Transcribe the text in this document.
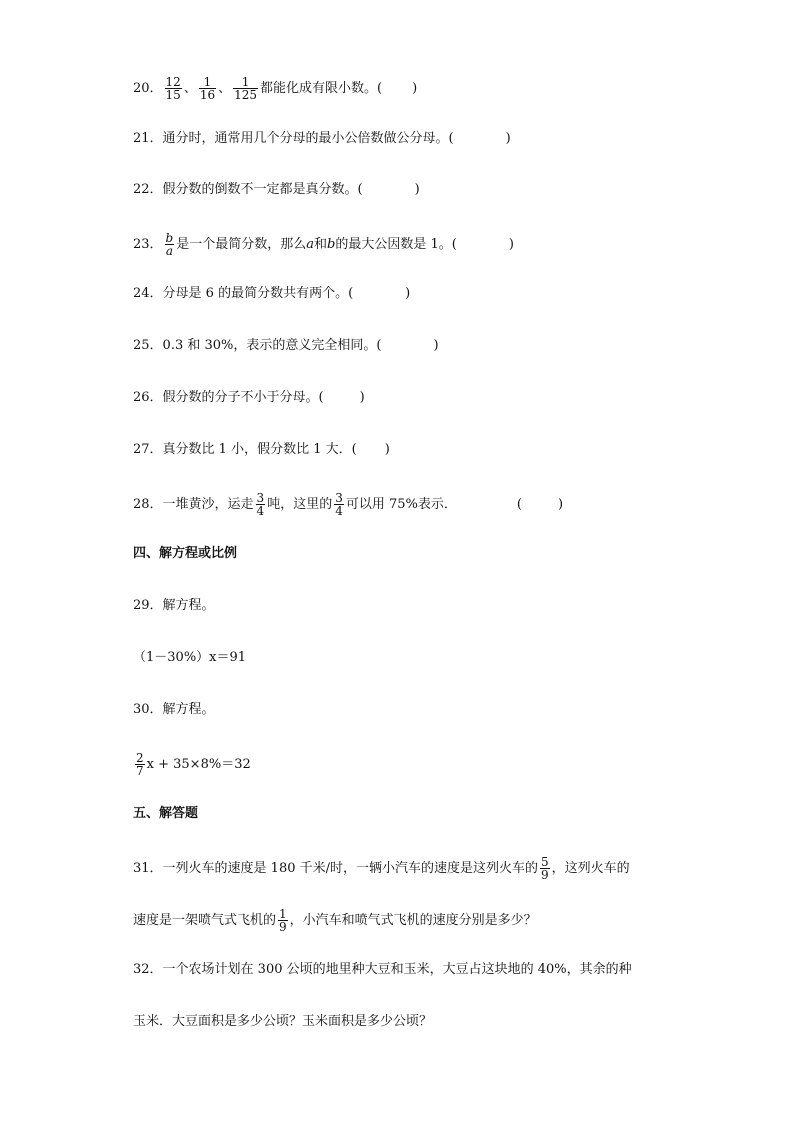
20． $\frac{12}{15}$ 、 $\frac{1}{16}$ 、 $\frac{1}{125}$ 都能化成有限小数。( )
21．通分时，通常用几个分母的最小公倍数做公分母。(	)
22．假分数的倒数不一定都是真分数。(	)
23． $\frac{b}{a}$ 是一个最简分数，那么a和b的最大公因数是 1。(	)
24．分母是 6 的最简分数共有两个。(	)
25．0.3 和 30%，表示的意义完全相同。(	)
26．假分数的分子不小于分母。(	)
27．真分数比 1 小，假分数比 1 大．( )
28．一堆黄沙，运走 $\frac{3}{4}$ 吨，这里的 $\frac{3}{4}$ 可以用 75%表示．	(	)
四、解方程或比例
29．解方程。
（1－30%）x＝91
30．解方程。
$\frac{2}{7}$ x + 35×8%＝32
五、解答题
31．一列火车的速度是 180 千米/时，一辆小汽车的速度是这列火车的 $\frac{5}{9}$ ，这列火车的
速度是一架喷气式飞机的 $\frac{1}{9}$ ，小汽车和喷气式飞机的速度分别是多少？
32．一个农场计划在 300 公顷的地里种大豆和玉米，大豆占这块地的 40%，其余的种
玉米．大豆面积是多少公顷？玉米面积是多少公顷？
